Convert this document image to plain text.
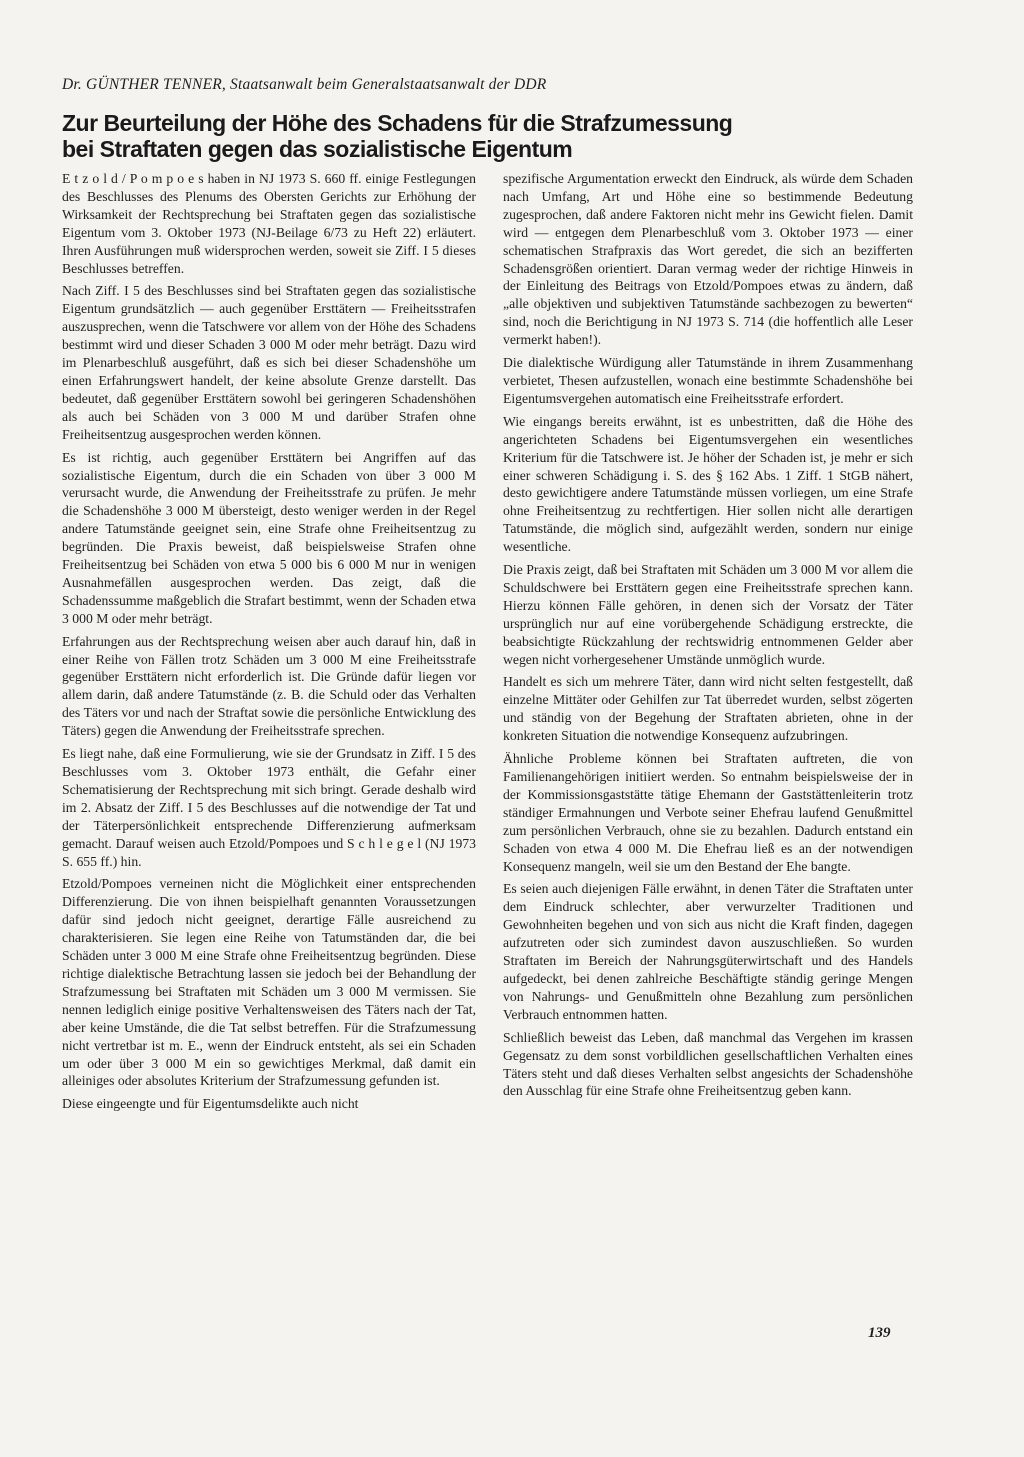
Dr. GÜNTHER TENNER, Staatsanwalt beim Generalstaatsanwalt der DDR
Zur Beurteilung der Höhe des Schadens für die Strafzumessung
bei Straftaten gegen das sozialistische Eigentum

E t z o l d / P o m p o e s haben in NJ 1973 S. 660 ff. einige Festlegungen des Beschlusses des Plenums des Obersten Gerichts zur Erhöhung der Wirksamkeit der Rechtsprechung bei Straftaten gegen das sozialistische Eigentum vom 3. Oktober 1973 (NJ-Beilage 6/73 zu Heft 22) erläutert. Ihren Ausführungen muß widersprochen werden, soweit sie Ziff. I 5 dieses Beschlusses betreffen.

Nach Ziff. I 5 des Beschlusses sind bei Straftaten gegen das sozialistische Eigentum grundsätzlich — auch gegenüber Ersttätern — Freiheitsstrafen auszusprechen, wenn die Tatschwere vor allem von der Höhe des Schadens bestimmt wird und dieser Schaden 3 000 M oder mehr beträgt. Dazu wird im Plenarbeschluß ausgeführt, daß es sich bei dieser Schadenshöhe um einen Erfahrungswert handelt, der keine absolute Grenze darstellt. Das bedeutet, daß gegenüber Ersttätern sowohl bei geringeren Schadenshöhen als auch bei Schäden von 3 000 M und darüber Strafen ohne Freiheitsentzug ausgesprochen werden können.

Es ist richtig, auch gegenüber Ersttätern bei Angriffen auf das sozialistische Eigentum, durch die ein Schaden von über 3 000 M verursacht wurde, die Anwendung der Freiheitsstrafe zu prüfen. Je mehr die Schadenshöhe 3 000 M übersteigt, desto weniger werden in der Regel andere Tatumstände geeignet sein, eine Strafe ohne Freiheitsentzug zu begründen. Die Praxis beweist, daß beispielsweise Strafen ohne Freiheitsentzug bei Schäden von etwa 5 000 bis 6 000 M nur in wenigen Ausnahmefällen ausgesprochen werden. Das zeigt, daß die Schadenssumme maßgeblich die Strafart bestimmt, wenn der Schaden etwa 3 000 M oder mehr beträgt.

Erfahrungen aus der Rechtsprechung weisen aber auch darauf hin, daß in einer Reihe von Fällen trotz Schäden um 3 000 M eine Freiheitsstrafe gegenüber Ersttätern nicht erforderlich ist. Die Gründe dafür liegen vor allem darin, daß andere Tatumstände (z. B. die Schuld oder das Verhalten des Täters vor und nach der Straftat sowie die persönliche Entwicklung des Täters) gegen die Anwendung der Freiheitsstrafe sprechen.

Es liegt nahe, daß eine Formulierung, wie sie der Grundsatz in Ziff. I 5 des Beschlusses vom 3. Oktober 1973 enthält, die Gefahr einer Schematisierung der Rechtsprechung mit sich bringt. Gerade deshalb wird im 2. Absatz der Ziff. I 5 des Beschlusses auf die notwendige der Tat und der Täterpersönlichkeit entsprechende Differenzierung aufmerksam gemacht. Darauf weisen auch Etzold/Pompoes und S c h l e g e l (NJ 1973 S. 655 ff.) hin.

Etzold/Pompoes verneinen nicht die Möglichkeit einer entsprechenden Differenzierung. Die von ihnen beispielhaft genannten Voraussetzungen dafür sind jedoch nicht geeignet, derartige Fälle ausreichend zu charakterisieren. Sie legen eine Reihe von Tatumständen dar, die bei Schäden unter 3 000 M eine Strafe ohne Freiheitsentzug begründen. Diese richtige dialektische Betrachtung lassen sie jedoch bei der Behandlung der Strafzumessung bei Straftaten mit Schäden um 3 000 M vermissen. Sie nennen lediglich einige positive Verhaltensweisen des Täters nach der Tat, aber keine Umstände, die die Tat selbst betreffen. Für die Strafzumessung nicht vertretbar ist m. E., wenn der Eindruck entsteht, als sei ein Schaden um oder über 3 000 M ein so gewichtiges Merkmal, daß damit ein alleiniges oder absolutes Kriterium der Strafzumessung gefunden ist.

Diese eingeengte und für Eigentumsdelikte auch nicht

spezifische Argumentation erweckt den Eindruck, als würde dem Schaden nach Umfang, Art und Höhe eine so bestimmende Bedeutung zugesprochen, daß andere Faktoren nicht mehr ins Gewicht fielen. Damit wird — entgegen dem Plenarbeschluß vom 3. Oktober 1973 — einer schematischen Strafpraxis das Wort geredet, die sich an bezifferten Schadensgrößen orientiert. Daran vermag weder der richtige Hinweis in der Einleitung des Beitrags von Etzold/Pompoes etwas zu ändern, daß „alle objektiven und subjektiven Tatumstände sachbezogen zu bewerten“ sind, noch die Berichtigung in NJ 1973 S. 714 (die hoffentlich alle Leser vermerkt haben!).

Die dialektische Würdigung aller Tatumstände in ihrem Zusammenhang verbietet, Thesen aufzustellen, wonach eine bestimmte Schadenshöhe bei Eigentumsvergehen automatisch eine Freiheitsstrafe erfordert.

Wie eingangs bereits erwähnt, ist es unbestritten, daß die Höhe des angerichteten Schadens bei Eigentumsvergehen ein wesentliches Kriterium für die Tatschwere ist. Je höher der Schaden ist, je mehr er sich einer schweren Schädigung i. S. des § 162 Abs. 1 Ziff. 1 StGB nähert, desto gewichtigere andere Tatumstände müssen vorliegen, um eine Strafe ohne Freiheitsentzug zu rechtfertigen. Hier sollen nicht alle derartigen Tatumstände, die möglich sind, aufgezählt werden, sondern nur einige wesentliche.

Die Praxis zeigt, daß bei Straftaten mit Schäden um 3 000 M vor allem die Schuldschwere bei Ersttätern gegen eine Freiheitsstrafe sprechen kann. Hierzu können Fälle gehören, in denen sich der Vorsatz der Täter ursprünglich nur auf eine vorübergehende Schädigung erstreckte, die beabsichtigte Rückzahlung der rechtswidrig entnommenen Gelder aber wegen nicht vorhergesehener Umstände unmöglich wurde.

Handelt es sich um mehrere Täter, dann wird nicht selten festgestellt, daß einzelne Mittäter oder Gehilfen zur Tat überredet wurden, selbst zögerten und ständig von der Begehung der Straftaten abrieten, ohne in der konkreten Situation die notwendige Konsequenz aufzubringen.

Ähnliche Probleme können bei Straftaten auftreten, die von Familienangehörigen initiiert werden. So entnahm beispielsweise der in der Kommissionsgaststätte tätige Ehemann der Gaststättenleiterin trotz ständiger Ermahnungen und Verbote seiner Ehefrau laufend Genußmittel zum persönlichen Verbrauch, ohne sie zu bezahlen. Dadurch entstand ein Schaden von etwa 4 000 M. Die Ehefrau ließ es an der notwendigen Konsequenz mangeln, weil sie um den Bestand der Ehe bangte.

Es seien auch diejenigen Fälle erwähnt, in denen Täter die Straftaten unter dem Eindruck schlechter, aber verwurzelter Traditionen und Gewohnheiten begehen und von sich aus nicht die Kraft finden, dagegen aufzutreten oder sich zumindest davon auszuschließen. So wurden Straftaten im Bereich der Nahrungsgüterwirtschaft und des Handels aufgedeckt, bei denen zahlreiche Beschäftigte ständig geringe Mengen von Nahrungs- und Genußmitteln ohne Bezahlung zum persönlichen Verbrauch entnommen hatten.

Schließlich beweist das Leben, daß manchmal das Vergehen im krassen Gegensatz zu dem sonst vorbildlichen gesellschaftlichen Verhalten eines Täters steht und daß dieses Verhalten selbst angesichts der Schadenshöhe den Ausschlag für eine Strafe ohne Freiheitsentzug geben kann.

139
